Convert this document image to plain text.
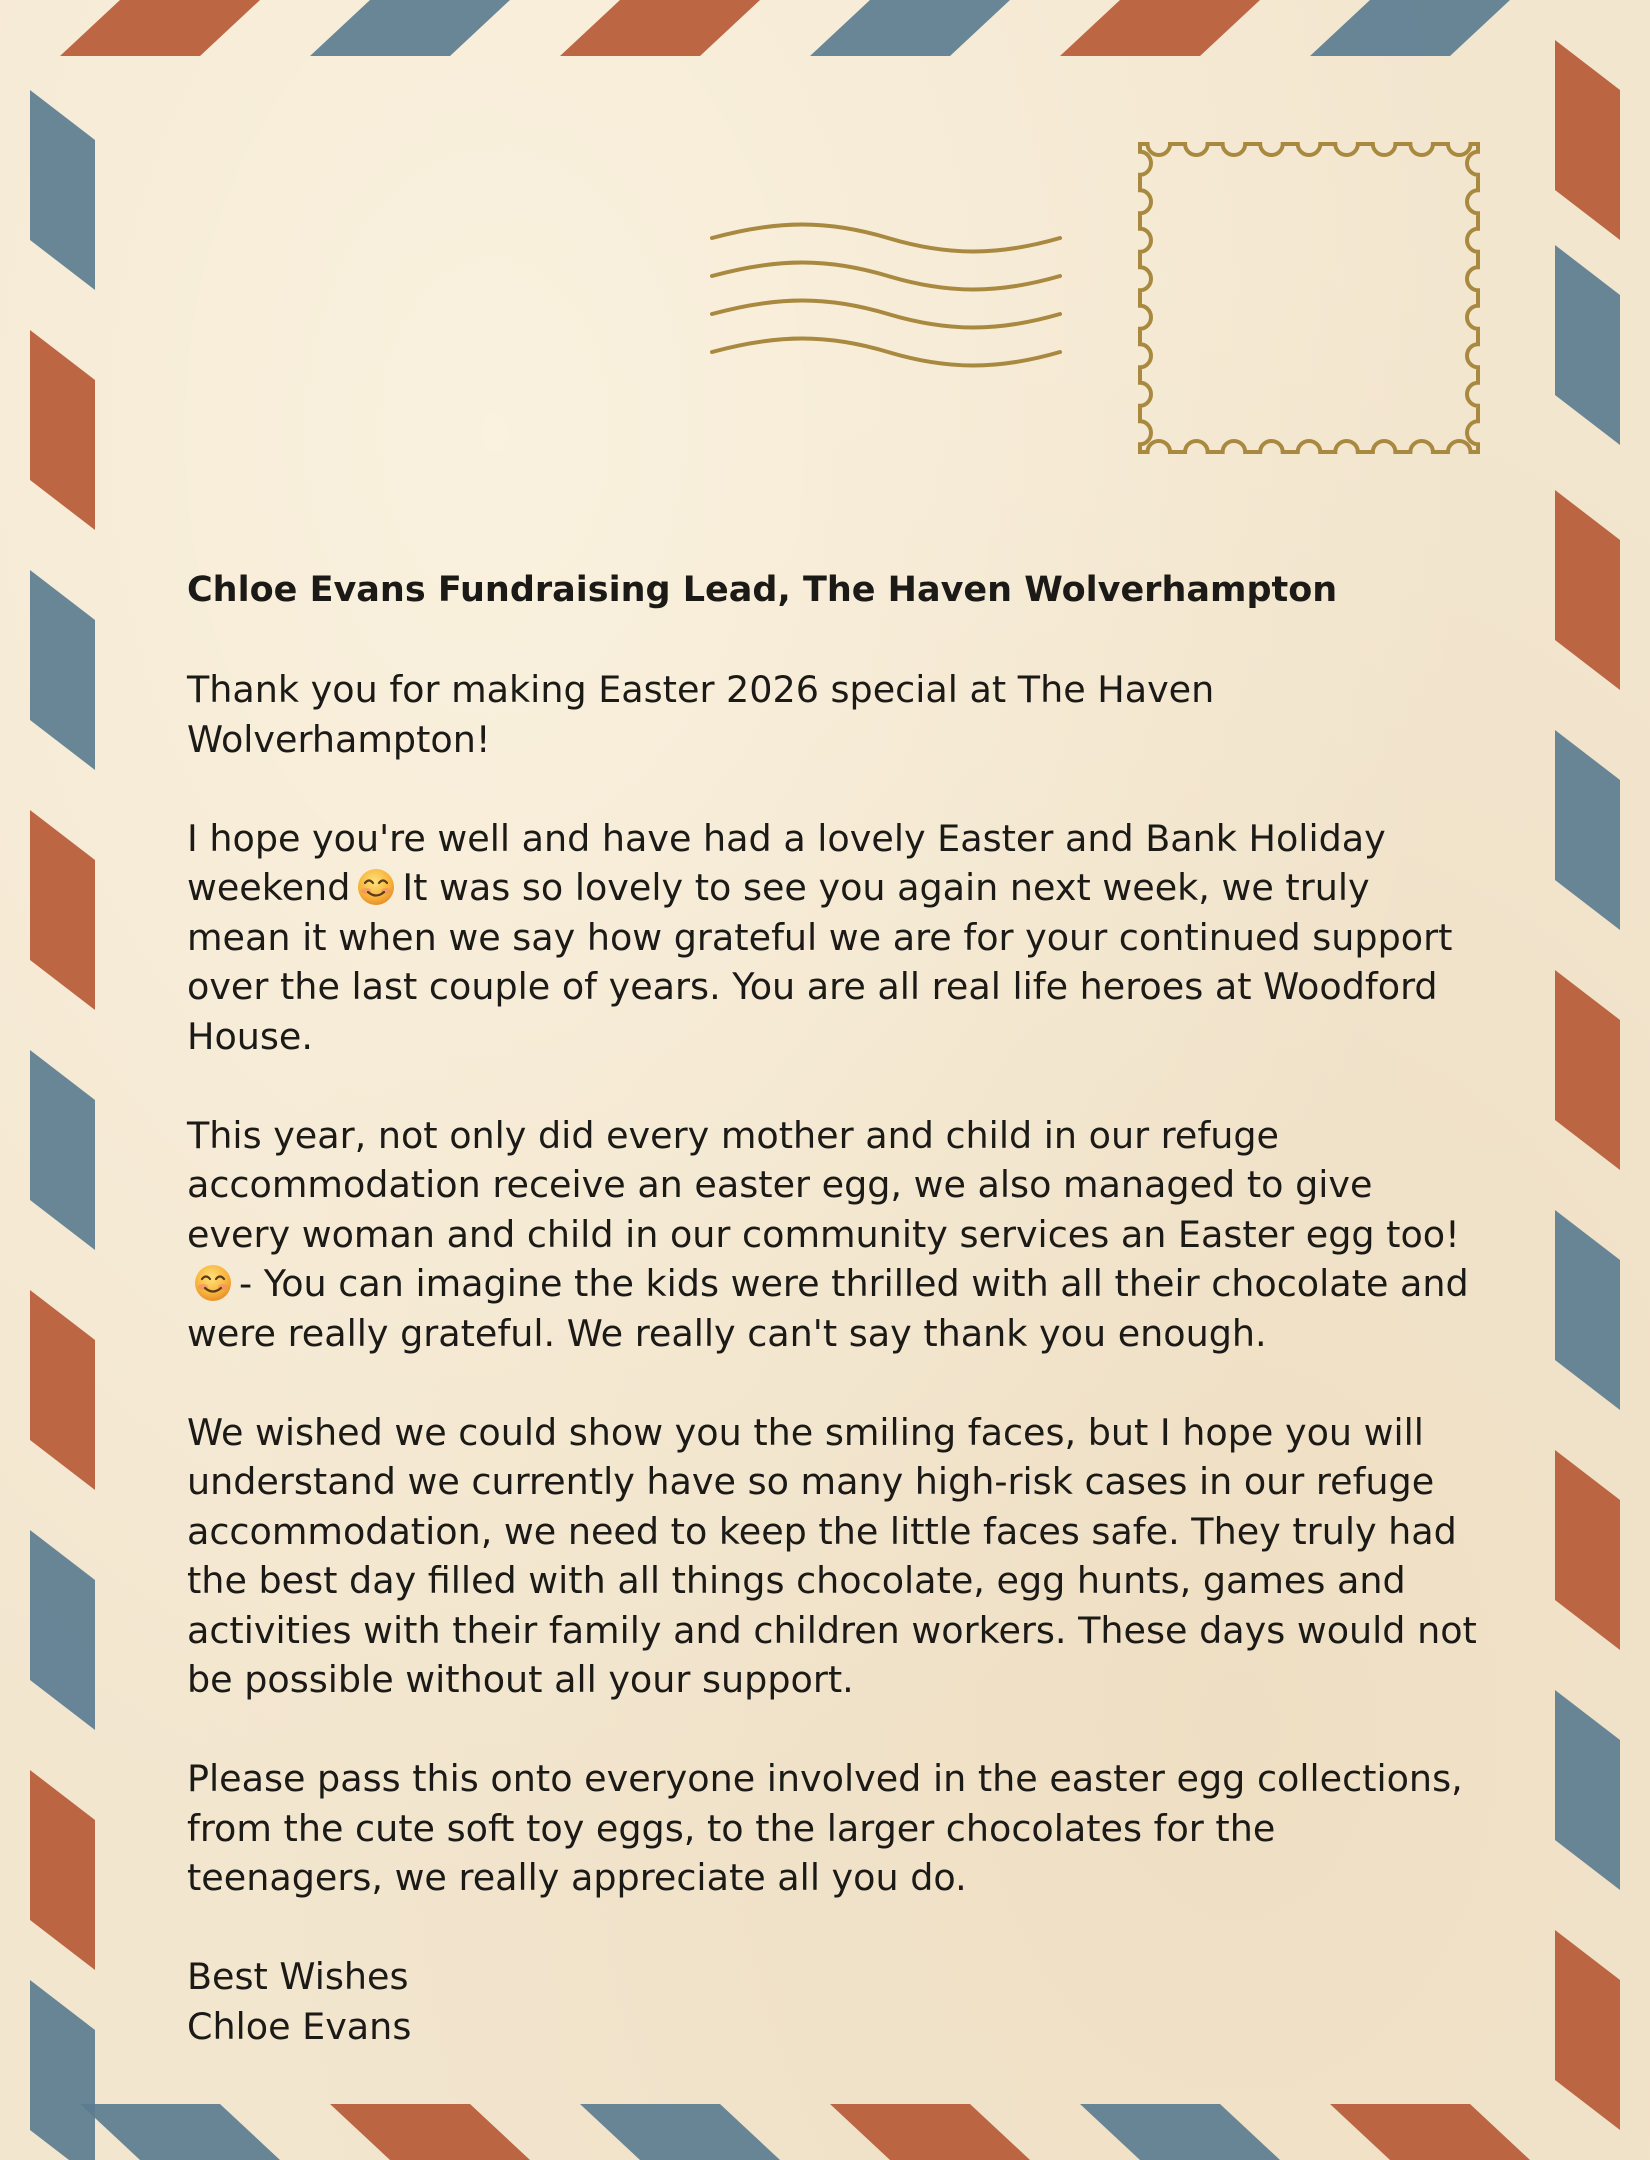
Chloe Evans Fundraising Lead, The Haven Wolverhampton

Thank you for making Easter 2026 special at The Haven Wolverhampton!

I hope you're well and have had a lovely Easter and Bank Holiday weekend It was so lovely to see you again next week, we truly mean it when we say how grateful we are for your continued support over the last couple of years. You are all real life heroes at Woodford House.

This year, not only did every mother and child in our refuge accommodation receive an easter egg, we also managed to give every woman and child in our community services an Easter egg too!- You can imagine the kids were thrilled with all their chocolate and were really grateful. We really can't say thank you enough.

We wished we could show you the smiling faces, but I hope you will understand we currently have so many high-risk cases in our refuge accommodation, we need to keep the little faces safe. They truly had the best day filled with all things chocolate, egg hunts, games and activities with their family and children workers. These days would not be possible without all your support.

Please pass this onto everyone involved in the easter egg collections, from the cute soft toy eggs, to the larger chocolates for the teenagers, we really appreciate all you do.

Best Wishes

Chloe Evans
